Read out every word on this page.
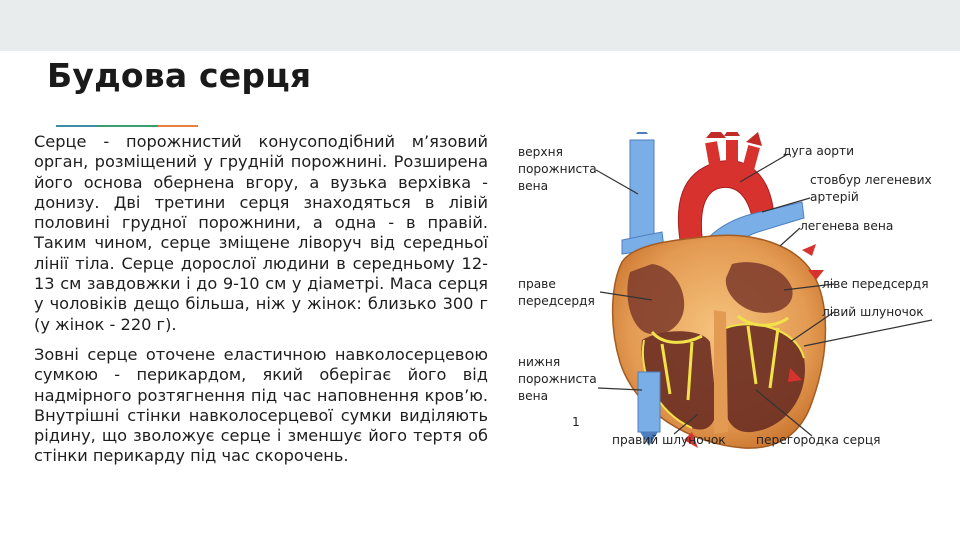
Будова серця

Серце - порожнистий конусоподібний м’язовий орган, розміщений у грудній порожнині. Розширена його основа обернена вгору, а вузька верхівка - донизу. Дві третини серця знаходяться в лівій половині грудної порожнини, а одна - в правій. Таким чином, серце зміщене ліворуч від середньої лінії тіла. Серце дорослої людини в середньому 12-13 см завдовжки і до 9-10 см у діаметрі. Маса серця у чоловіків дещо більша, ніж у жінок: близько 300 г (у жінок - 220 г).

Зовні серце оточене еластичною навколосерцевою сумкою - перикардом, який оберігає його від надмірного розтягнення під час наповнення кров’ю. Внутрішні стінки навколосерцевої сумки виділяють рідину, що зволожує серце і зменшує його тертя об стінки перикарду під час скорочень.

верхня
порожниста
вена
праве
передсердя
нижня
порожниста
вена
дуга аорти
стовбур легеневих
артерій
легенева вена
ліве передсердя
лівий шлуночок
правий шлуночок перегородка серця
1
